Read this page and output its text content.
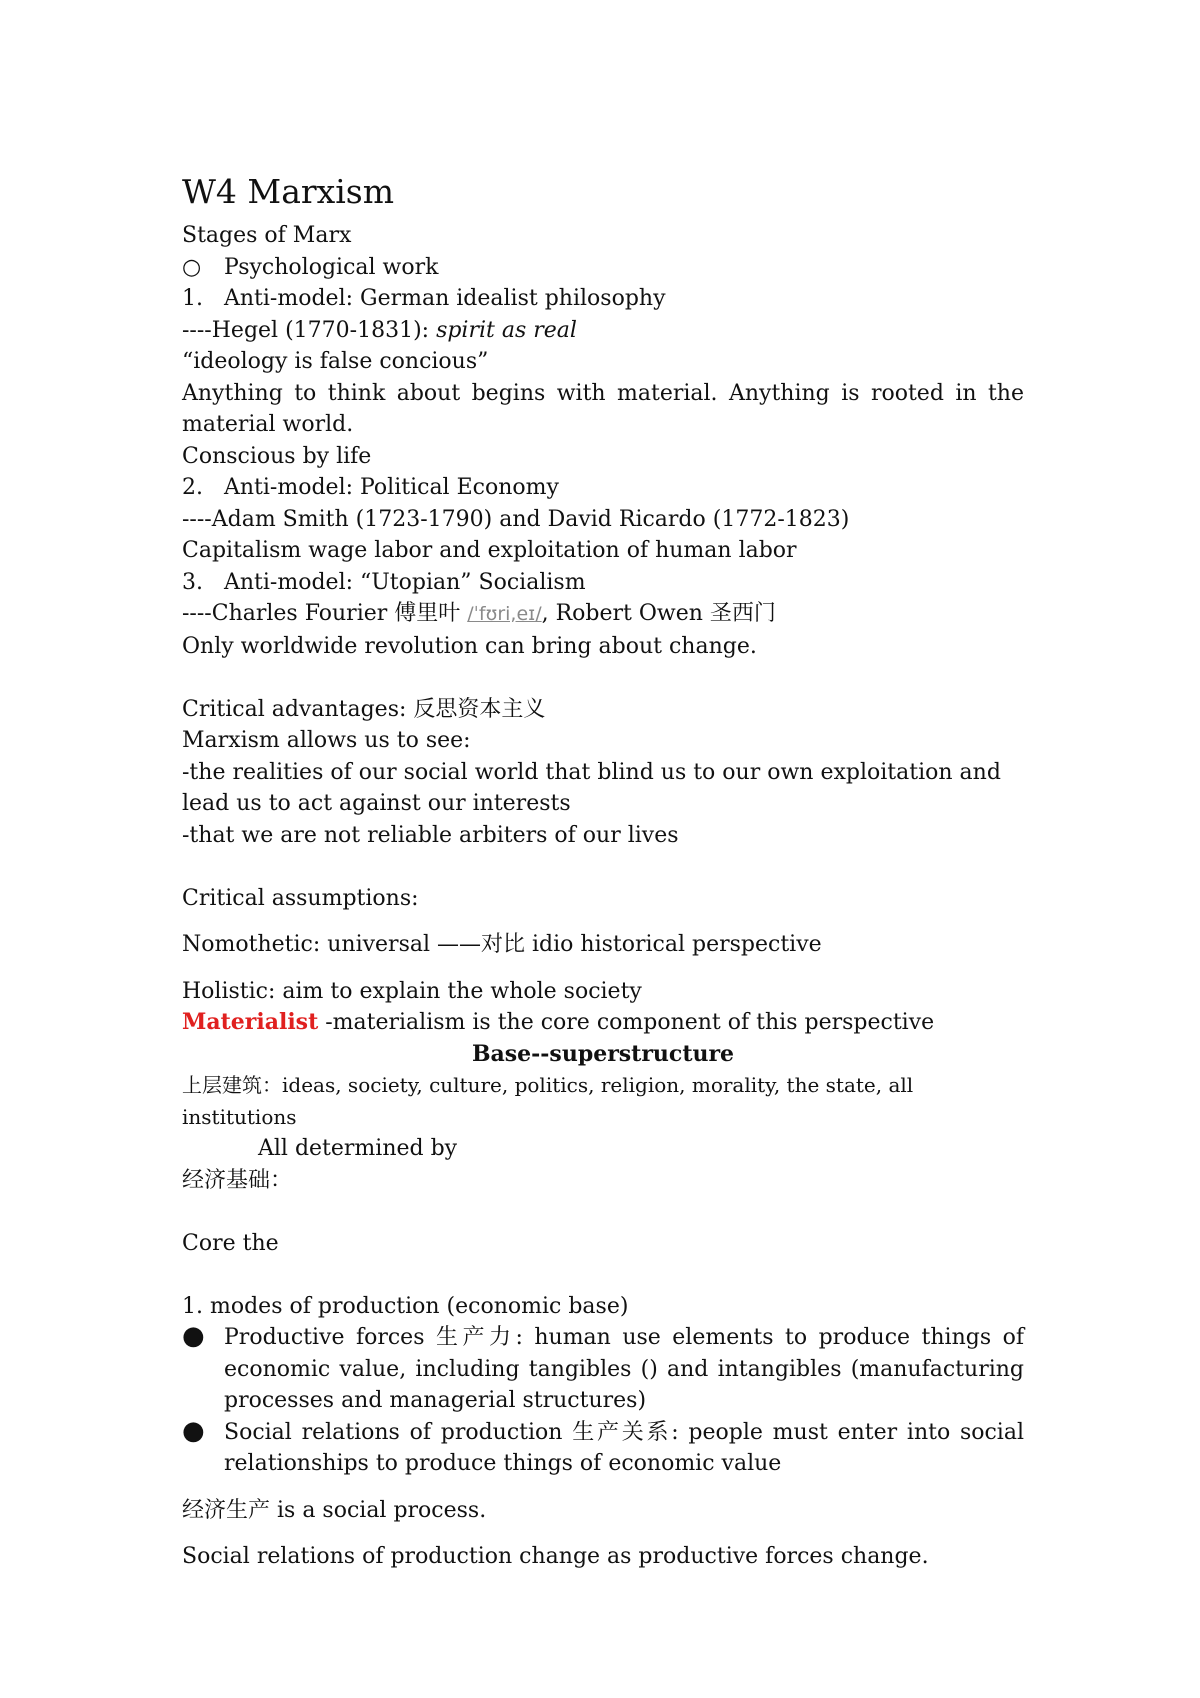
W4 Marxism

Stages of Marx

○	Psychological work
1. Anti-model: German idealist philosophy

----Hegel (1770-1831): spirit as real

“ideology is false concious”

Anything to think about begins with material. Anything is rooted in the material world.

Conscious by life

2. Anti-model: Political Economy

----Adam Smith (1723-1790) and David Ricardo (1772-1823)

Capitalism wage labor and exploitation of human labor

3. Anti-model: “Utopian” Socialism

----Charles Fourier 傅里叶 /ˈfʊri,eɪ/, Robert Owen 圣西门

Only worldwide revolution can bring about change.

Critical advantages: 反思资本主义

Marxism allows us to see:

-the realities of our social world that blind us to our own exploitation and lead us to act against our interests

-that we are not reliable arbiters of our lives

Critical assumptions:

Nomothetic: universal ——对比 idio historical perspective

Holistic: aim to explain the whole society

Materialist -materialism is the core component of this perspective

Base--superstructure

上层建筑：ideas, society, culture, politics, religion, morality, the state, all institutions

All determined by

经济基础：

Core the

1. modes of production (economic base)

● Productive forces 生产力: human use elements to produce things of economic value, including tangibles () and intangibles (manufacturing processes and managerial structures)
● Social relations of production 生产关系: people must enter into social relationships to produce things of economic value

经济生产 is a social process.

Social relations of production change as productive forces change.
